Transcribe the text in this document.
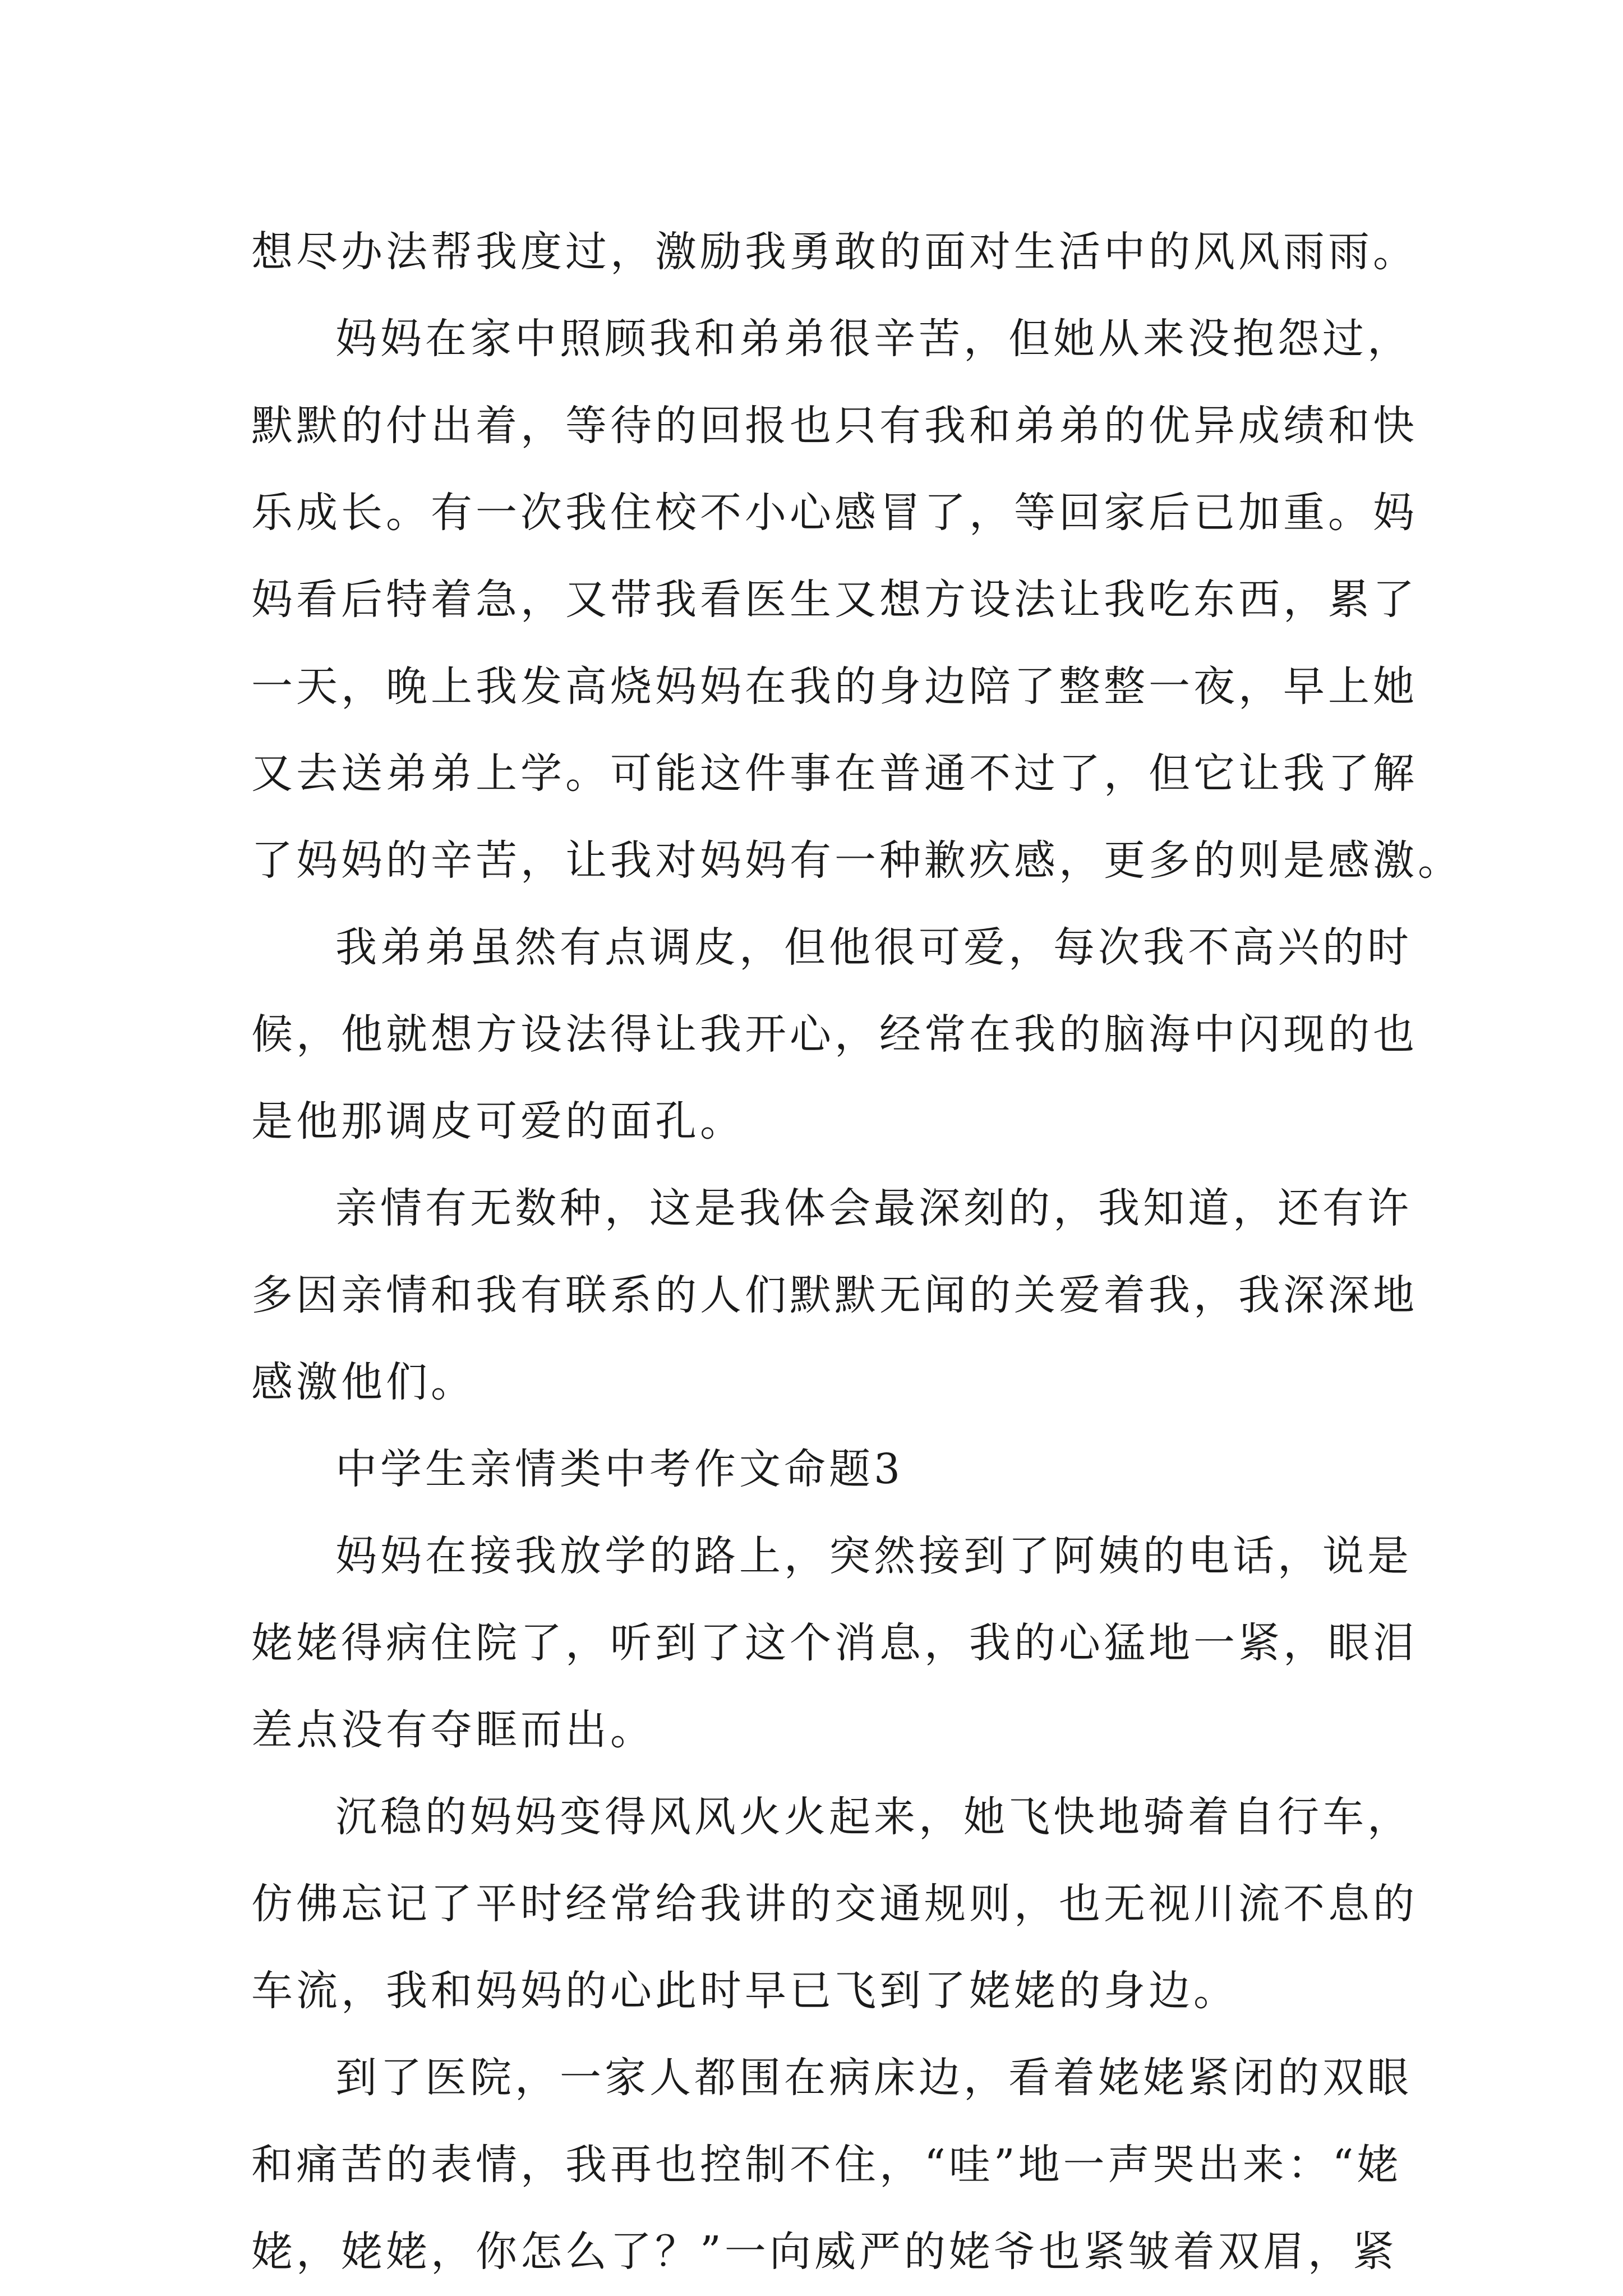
想尽办法帮我度过，激励我勇敢的面对生活中的风风雨雨。
妈妈在家中照顾我和弟弟很辛苦，但她从来没抱怨过，
默默的付出着，等待的回报也只有我和弟弟的优异成绩和快
乐成长。有一次我住校不小心感冒了，等回家后已加重。妈
妈看后特着急，又带我看医生又想方设法让我吃东西，累了
一天，晚上我发高烧妈妈在我的身边陪了整整一夜，早上她
又去送弟弟上学。可能这件事在普通不过了，但它让我了解
了妈妈的辛苦，让我对妈妈有一种歉疚感，更多的则是感激。
我弟弟虽然有点调皮，但他很可爱，每次我不高兴的时
候，他就想方设法得让我开心，经常在我的脑海中闪现的也
是他那调皮可爱的面孔。
亲情有无数种，这是我体会最深刻的，我知道，还有许
多因亲情和我有联系的人们默默无闻的关爱着我，我深深地
感激他们。
中学生亲情类中考作文命题3
妈妈在接我放学的路上，突然接到了阿姨的电话，说是
姥姥得病住院了，听到了这个消息，我的心猛地一紧，眼泪
差点没有夺眶而出。
沉稳的妈妈变得风风火火起来，她飞快地骑着自行车，
仿佛忘记了平时经常给我讲的交通规则，也无视川流不息的
车流，我和妈妈的心此时早已飞到了姥姥的身边。
到了医院，一家人都围在病床边，看着姥姥紧闭的双眼
和痛苦的表情，我再也控制不住，“哇”地一声哭出来：“姥
姥，姥姥，你怎么了？”一向威严的姥爷也紧皱着双眉，紧
